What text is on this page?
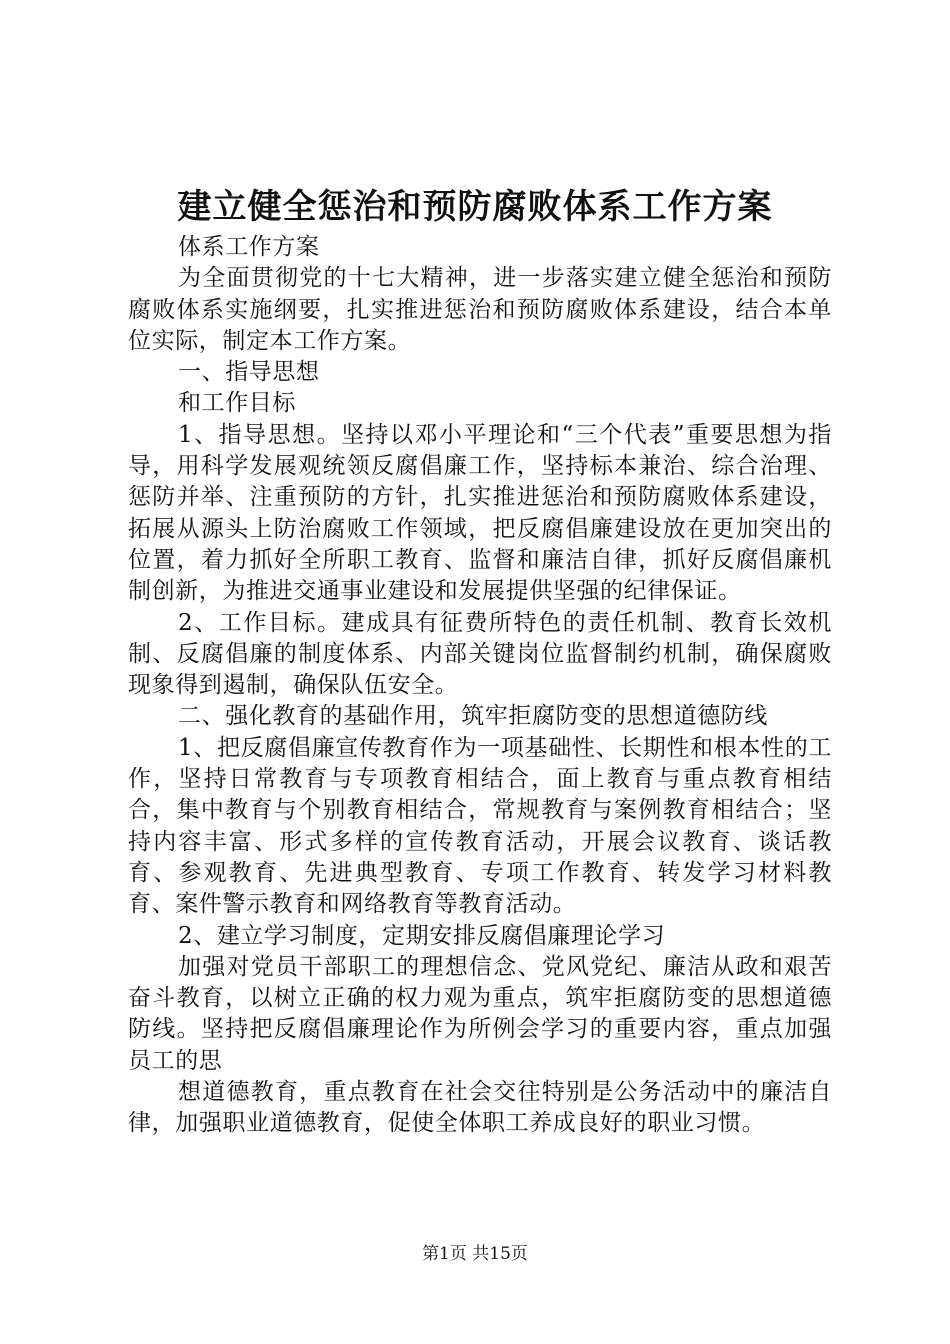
建立健全惩治和预防腐败体系工作方案

体系工作方案

为全面贯彻党的十七大精神，进一步落实建立健全惩治和预防腐败体系实施纲要，扎实推进惩治和预防腐败体系建设，结合本单位实际，制定本工作方案。

一、指导思想

和工作目标

1、指导思想。坚持以邓小平理论和“三个代表”重要思想为指导，用科学发展观统领反腐倡廉工作，坚持标本兼治、综合治理、惩防并举、注重预防的方针，扎实推进惩治和预防腐败体系建设，拓展从源头上防治腐败工作领域，把反腐倡廉建设放在更加突出的位置，着力抓好全所职工教育、监督和廉洁自律，抓好反腐倡廉机制创新，为推进交通事业建设和发展提供坚强的纪律保证。

2、工作目标。建成具有征费所特色的责任机制、教育长效机制、反腐倡廉的制度体系、内部关键岗位监督制约机制，确保腐败现象得到遏制，确保队伍安全。

二、强化教育的基础作用，筑牢拒腐防变的思想道德防线

1、把反腐倡廉宣传教育作为一项基础性、长期性和根本性的工作，坚持日常教育与专项教育相结合，面上教育与重点教育相结合，集中教育与个别教育相结合，常规教育与案例教育相结合；坚持内容丰富、形式多样的宣传教育活动，开展会议教育、谈话教育、参观教育、先进典型教育、专项工作教育、转发学习材料教育、案件警示教育和网络教育等教育活动。

2、建立学习制度，定期安排反腐倡廉理论学习

加强对党员干部职工的理想信念、党风党纪、廉洁从政和艰苦奋斗教育，以树立正确的权力观为重点，筑牢拒腐防变的思想道德防线。坚持把反腐倡廉理论作为所例会学习的重要内容，重点加强员工的思

想道德教育，重点教育在社会交往特别是公务活动中的廉洁自律，加强职业道德教育，促使全体职工养成良好的职业习惯。

第1页 共15页
